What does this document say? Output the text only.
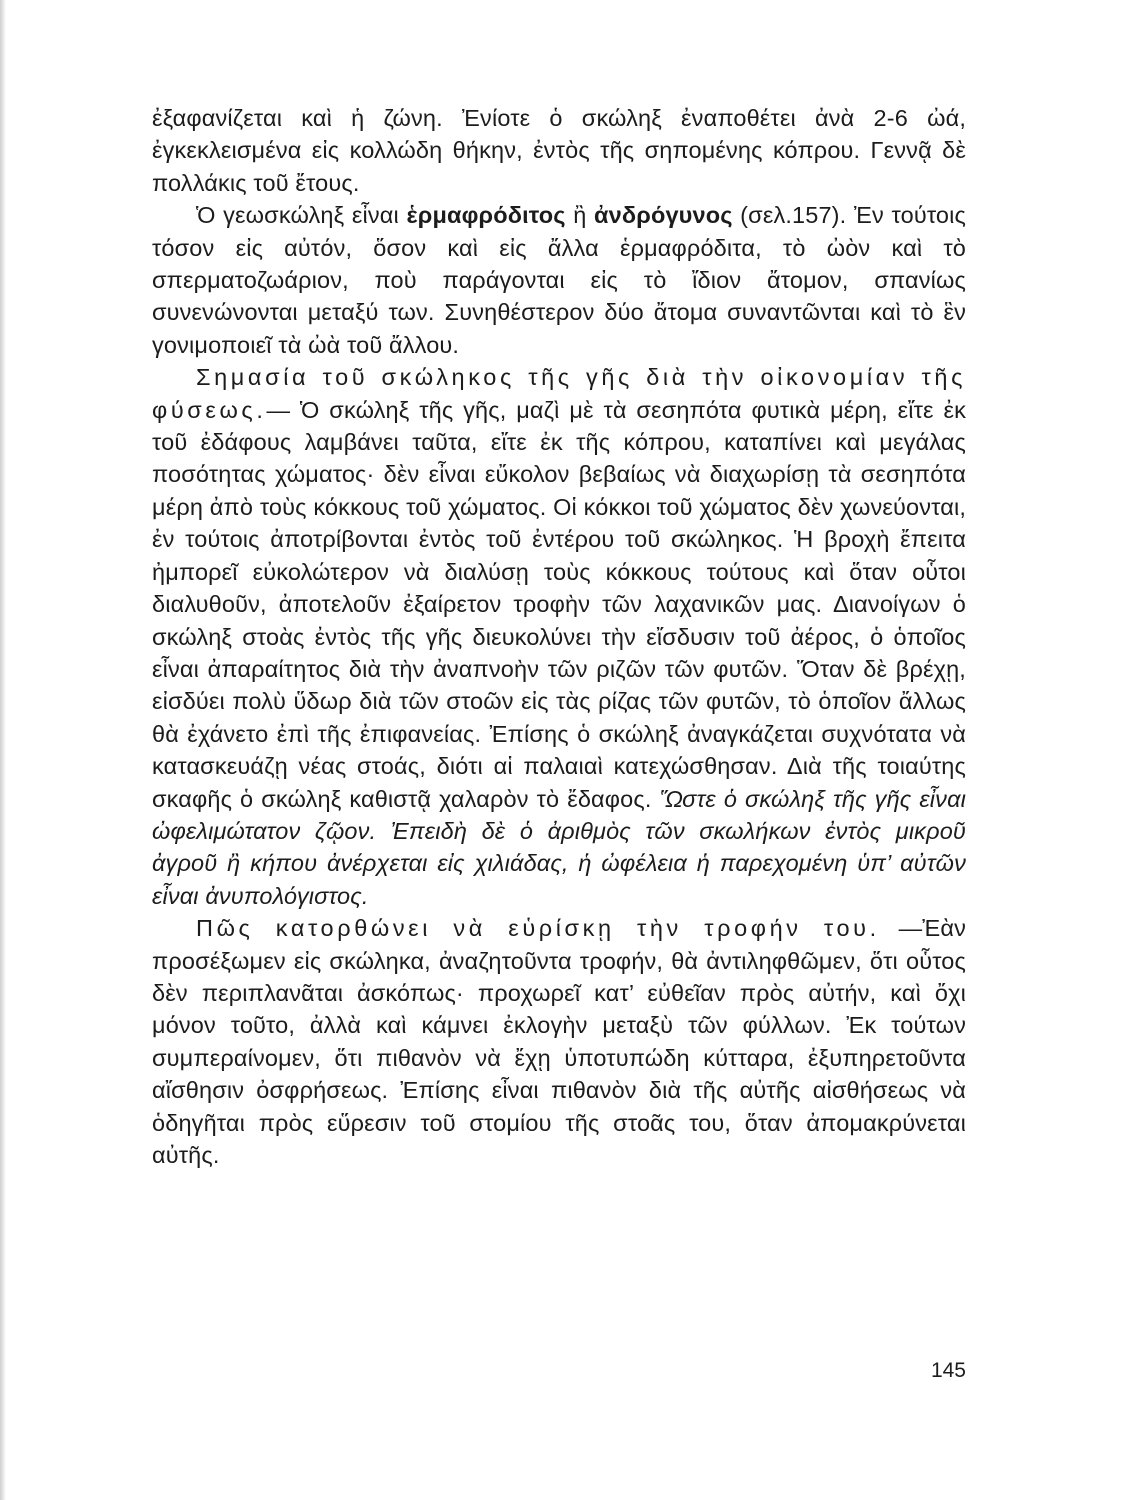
ἐξαφανίζεται καὶ ἡ ζώνη. Ἐνίοτε ὁ σκώληξ ἐναποθέτει ἀνὰ 2-6 ὠά, ἐγκεκλεισμένα εἰς κολλώδη θήκην, ἐντὸς τῆς σηπομένης κόπρου. Γεννᾷ δὲ πολλάκις τοῦ ἔτους.

Ὁ γεωσκώληξ εἶναι ἑρμαφρόδιτος ἢ ἀνδρόγυνος (σελ.157). Ἐν τούτοις τόσον εἰς αὐτόν, ὅσον καὶ εἰς ἄλλα ἑρμαφρόδιτα, τὸ ὠὸν καὶ τὸ σπερματοζωάριον, ποὺ παράγονται εἰς τὸ ἴδιον ἄτομον, σπανίως συνενώνονται μεταξύ των. Συνηθέστερον δύο ἄτομα συναντῶνται καὶ τὸ ἓν γονιμοποιεῖ τὰ ὠὰ τοῦ ἄλλου.

Σημασία τοῦ σκώληκος τῆς γῆς διὰ τὴν οἰκονομίαν τῆς φύσεως.— Ὁ σκώληξ τῆς γῆς, μαζὶ μὲ τὰ σεσηπότα φυτικὰ μέρη, εἴτε ἐκ τοῦ ἐδάφους λαμβάνει ταῦτα, εἴτε ἐκ τῆς κόπρου, καταπίνει καὶ μεγάλας ποσότητας χώματος· δὲν εἶναι εὔκολον βεβαίως νὰ διαχωρίσῃ τὰ σεσηπότα μέρη ἀπὸ τοὺς κόκκους τοῦ χώματος. Οἱ κόκκοι τοῦ χώματος δὲν χωνεύονται, ἐν τούτοις ἀποτρίβονται ἐντὸς τοῦ ἐντέρου τοῦ σκώληκος. Ἡ βροχὴ ἔπειτα ἠμπορεῖ εὐκολώτερον νὰ διαλύσῃ τοὺς κόκκους τούτους καὶ ὅταν οὗτοι διαλυθοῦν, ἀποτελοῦν ἐξαίρετον τροφὴν τῶν λαχανικῶν μας. Διανοίγων ὁ σκώληξ στοὰς ἐντὸς τῆς γῆς διευκολύνει τὴν εἴσδυσιν τοῦ ἀέρος, ὁ ὁποῖος εἶναι ἀπαραίτητος διὰ τὴν ἀναπνοὴν τῶν ριζῶν τῶν φυτῶν. Ὅταν δὲ βρέχῃ, εἰσδύει πολὺ ὕδωρ διὰ τῶν στοῶν εἰς τὰς ρίζας τῶν φυτῶν, τὸ ὁποῖον ἄλλως θὰ ἐχάνετο ἐπὶ τῆς ἐπιφανείας. Ἐπίσης ὁ σκώληξ ἀναγκάζεται συχνότατα νὰ κατασκευάζῃ νέας στοάς, διότι αἱ παλαιαὶ κατεχώσθησαν. Διὰ τῆς τοιαύτης σκαφῆς ὁ σκώληξ καθιστᾷ χαλαρὸν τὸ ἔδαφος. Ὥστε ὁ σκώληξ τῆς γῆς εἶναι ὠφελιμώτατον ζῷον. Ἐπειδὴ δὲ ὁ ἀριθμὸς τῶν σκωλήκων ἐντὸς μικροῦ ἀγροῦ ἢ κήπου ἀνέρχεται εἰς χιλιάδας, ἡ ὠφέλεια ἡ παρεχομένη ὑπ’ αὐτῶν εἶναι ἀνυπολόγιστος.

Πῶς κατορθώνει νὰ εὑρίσκῃ τὴν τροφήν του. —Ἐὰν προσέξωμεν εἰς σκώληκα, ἀναζητοῦντα τροφήν, θὰ ἀντιληφθῶμεν, ὅτι οὗτος δὲν περιπλανᾶται ἀσκόπως· προχωρεῖ κατ’ εὐθεῖαν πρὸς αὐτήν, καὶ ὄχι μόνον τοῦτο, ἀλλὰ καὶ κάμνει ἐκλογὴν μεταξὺ τῶν φύλλων. Ἐκ τούτων συμπεραίνομεν, ὅτι πιθανὸν νὰ ἔχῃ ὑποτυπώδη κύτταρα, ἐξυπηρετοῦντα αἴσθησιν ὀσφρήσεως. Ἐπίσης εἶναι πιθανὸν διὰ τῆς αὐτῆς αἰσθήσεως νὰ ὁδηγῆται πρὸς εὕρεσιν τοῦ στομίου τῆς στοᾶς του, ὅταν ἀπομακρύνεται αὐτῆς.

145
